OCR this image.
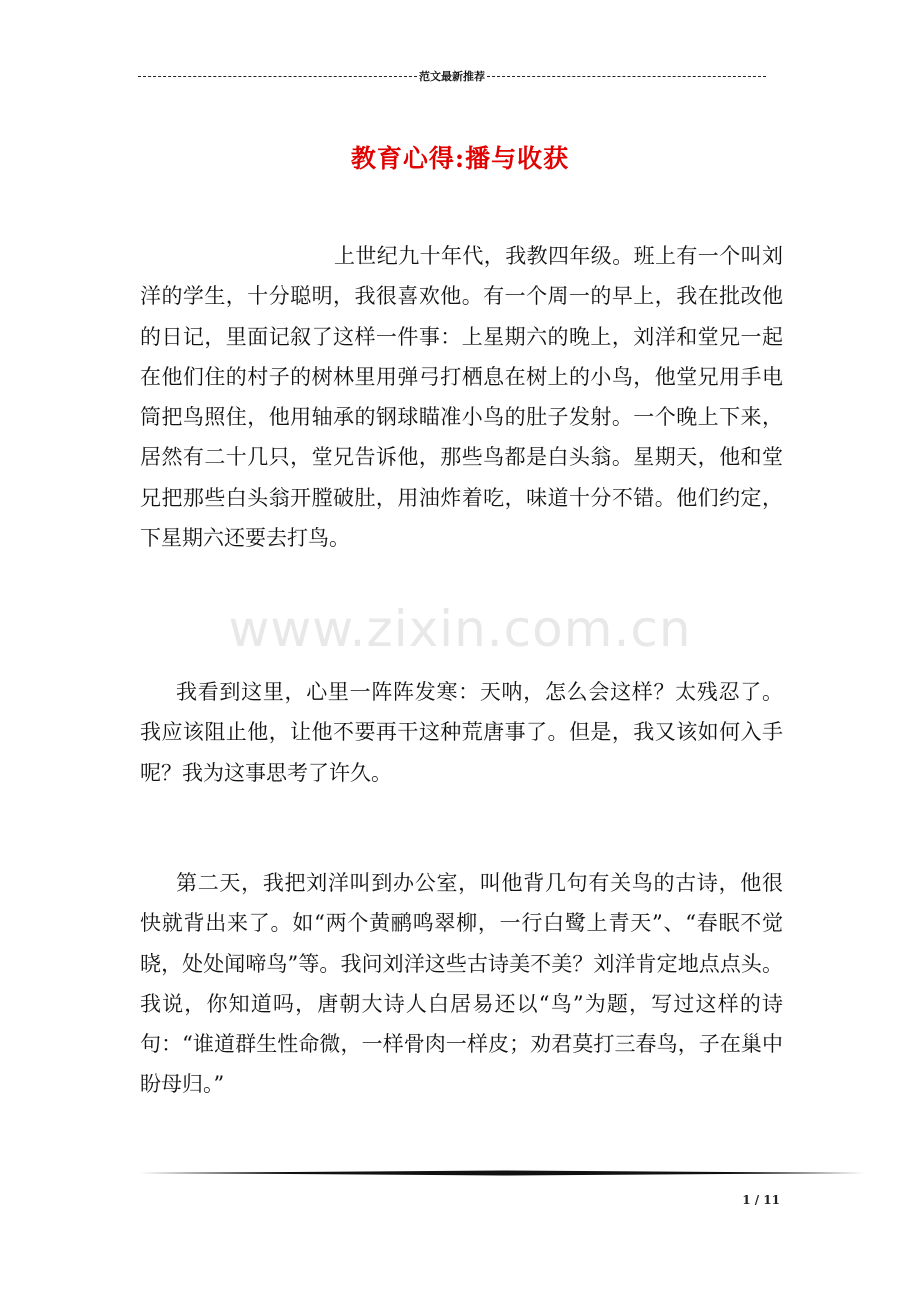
范文最新推荐
教育心得:播与收获

上世纪九十年代，我教四年级。班上有一个叫刘洋的学生，十分聪明，我很喜欢他。有一个周一的早上，我在批改他的日记，里面记叙了这样一件事：上星期六的晚上，刘洋和堂兄一起在他们住的村子的树林里用弹弓打栖息在树上的小鸟，他堂兄用手电筒把鸟照住，他用轴承的钢球瞄准小鸟的肚子发射。一个晚上下来，居然有二十几只，堂兄告诉他，那些鸟都是白头翁。星期天，他和堂兄把那些白头翁开膛破肚，用油炸着吃，味道十分不错。他们约定，下星期六还要去打鸟。

www.zixin.com.cn

我看到这里，心里一阵阵发寒：天呐，怎么会这样？太残忍了。我应该阻止他，让他不要再干这种荒唐事了。但是，我又该如何入手呢？我为这事思考了许久。

第二天，我把刘洋叫到办公室，叫他背几句有关鸟的古诗，他很快就背出来了。如“两个黄鹂鸣翠柳，一行白鹭上青天”、“春眠不觉晓，处处闻啼鸟”等。我问刘洋这些古诗美不美？刘洋肯定地点点头。我说，你知道吗，唐朝大诗人白居易还以“鸟”为题，写过这样的诗句：“谁道群生性命微，一样骨肉一样皮；劝君莫打三春鸟，子在巢中盼母归。”

1 / 11
